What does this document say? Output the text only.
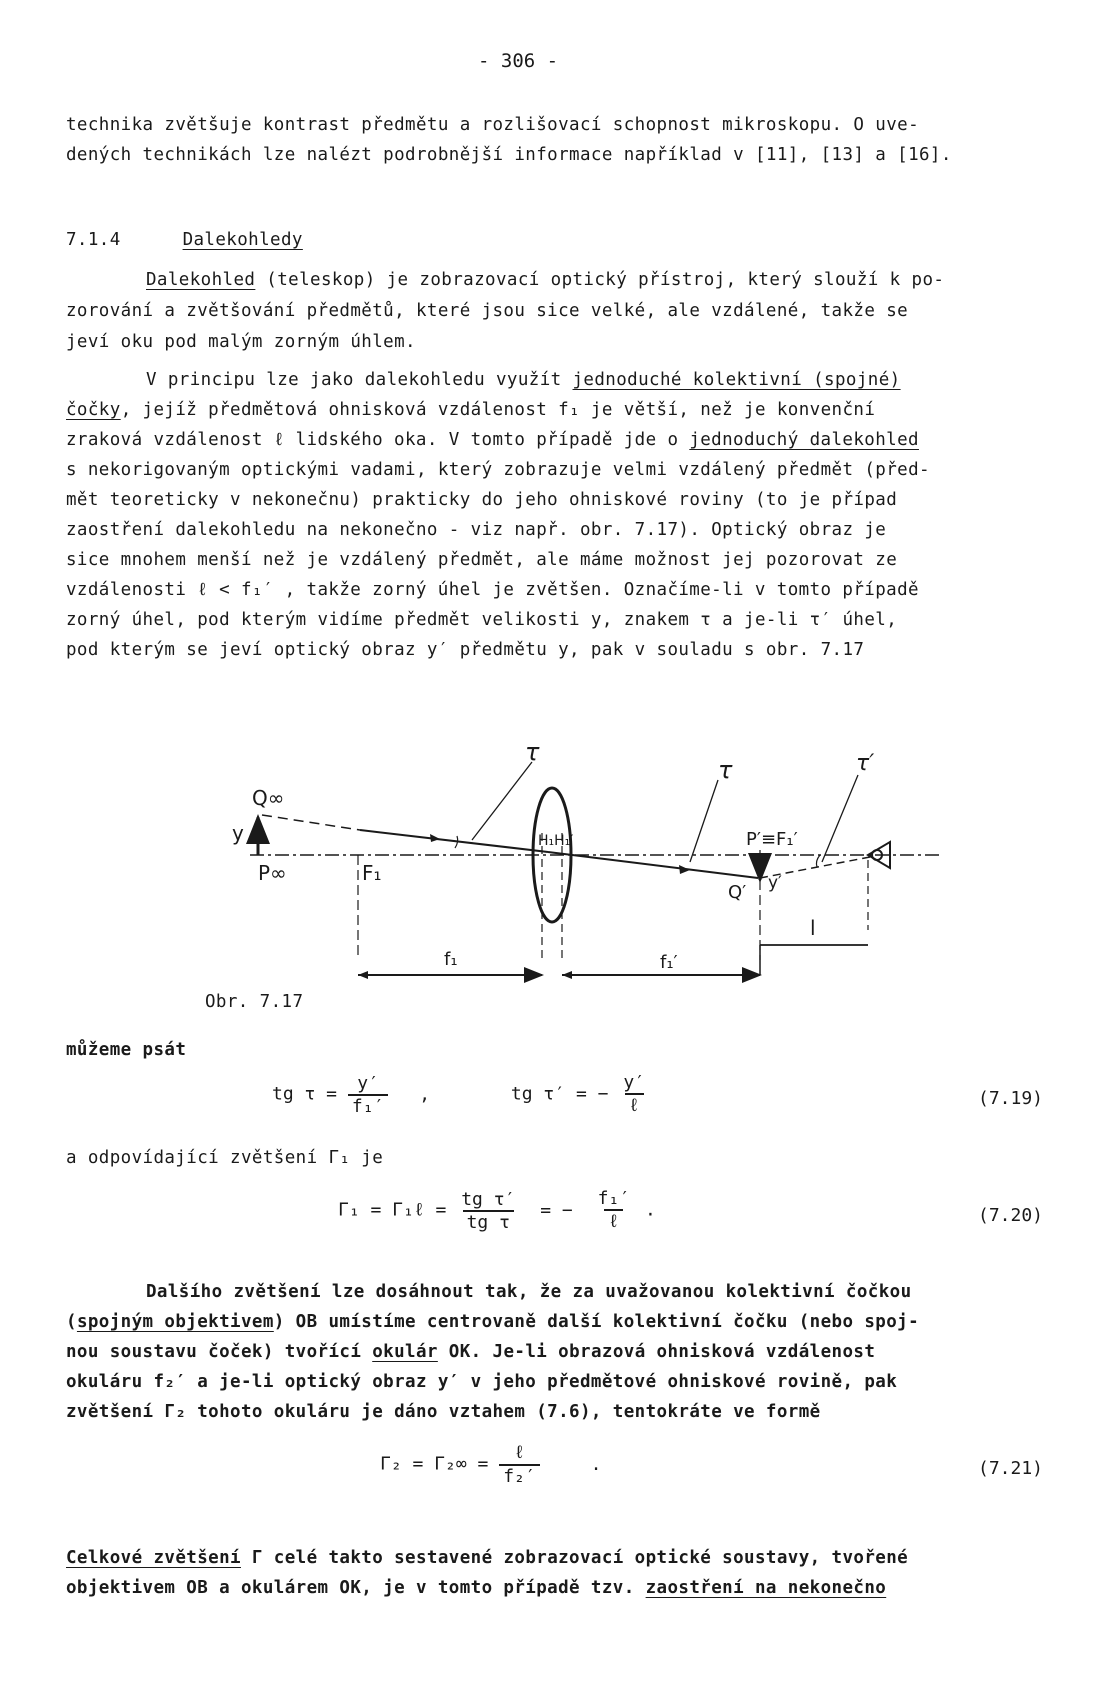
- 306 -
technika zvětšuje kontrast předmětu a rozlišovací schopnost mikroskopu. O uve-
dených technikách lze nalézt podrobnější informace například v [11], [13] a [16].
7.1.4	Dalekohledy
Dalekohled (teleskop) je zobrazovací optický přístroj, který slouží k po-
zorování a zvětšování předmětů, které jsou sice velké, ale vzdálené, takže se
jeví oku pod malým zorným úhlem.
V principu lze jako dalekohledu využít jednoduché kolektivní (spojné)
čočky, jejíž předmětová ohnisková vzdálenost f₁ je větší, než je konvenční
zraková vzdálenost ℓ lidského oka. V tomto případě jde o jednoduchý dalekohled
s nekorigovaným optickými vadami, který zobrazuje velmi vzdálený předmět (před-
mět teoreticky v nekonečnu) prakticky do jeho ohniskové roviny (to je případ
zaostření dalekohledu na nekonečno - viz např. obr. 7.17). Optický obraz je
sice mnohem menší než je vzdálený předmět, ale máme možnost jej pozorovat ze
vzdálenosti ℓ < f₁′ , takže zorný úhel je zvětšen. Označíme-li v tomto případě
zorný úhel, pod kterým vidíme předmět velikosti y, znakem τ a je-li τ′ úhel,
pod kterým se jeví optický obraz y′ předmětu y, pak v souladu s obr. 7.17
Q∞
y
P∞	F₁
H₁H₁′	P′≡F₁′
Q′ y′
τ
τ	τ′
f₁	f₁′
l
Obr. 7.17
můžeme psát
tg $\tau = \frac{y'}{\text{f₁′}}$ ,	tg τ′ = − $\frac{y'}{\text{ℓ}}$	(7.19)
a odpovídající zvětšení Γ₁ je
Γ₁ = Γ₁ℓ = $\frac{\text{tg τ′}}{\text{tg τ}}$ = − $\frac{\text{f₁′}}{\text{ℓ}}$ .	(7.20)
Dalšího zvětšení lze dosáhnout tak, že za uvažovanou kolektivní čočkou
(spojným objektivem) OB umístíme centrovaně další kolektivní čočku (nebo spoj-
nou soustavu čoček) tvořící okulár OK. Je-li obrazová ohnisková vzdálenost
okuláru f₂′ a je-li optický obraz y′ v jeho předmětové ohniskové rovině, pak
zvětšení Γ₂ tohoto okuláru je dáno vztahem (7.6), tentokráte ve formě
$\Gamma_2 = \Gamma_2\infty = \frac{\text{ℓ}}{\text{f₂′}}$	.	(7.21)
Celkové zvětšení Γ celé takto sestavené zobrazovací optické soustavy, tvořené
objektivem OB a okulárem OK, je v tomto případě tzv. zaostření na nekonečno
